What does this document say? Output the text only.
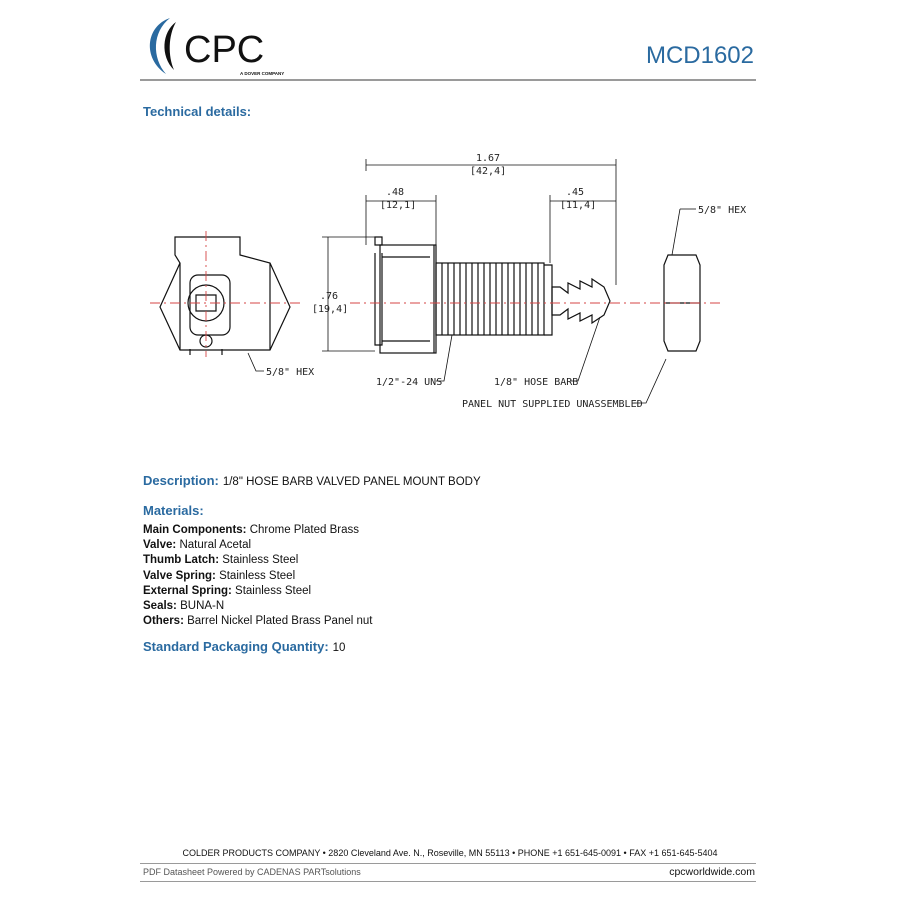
CPC
A DOVER COMPANY
MCD1602
Technical details:
1.67
[42,4]
.48
[12,1]
.45
[11,4]
.76
[19,4]
5/8" HEX
5/8" HEX
1/2"-24 UNS	1/8" HOSE BARB
PANEL NUT SUPPLIED UNASSEMBLED
Description: 1/8" HOSE BARB VALVED PANEL MOUNT BODY
Materials:
Main Components: Chrome Plated Brass
Valve: Natural Acetal
Thumb Latch: Stainless Steel
Valve Spring: Stainless Steel
External Spring: Stainless Steel
Seals: BUNA-N
Others: Barrel Nickel Plated Brass Panel nut
Standard Packaging Quantity: 10
COLDER PRODUCTS COMPANY • 2820 Cleveland Ave. N., Roseville, MN 55113 • PHONE +1 651-645-0091 • FAX +1 651-645-5404
PDF Datasheet Powered by CADENAS PARTsolutions	cpcworldwide.com
